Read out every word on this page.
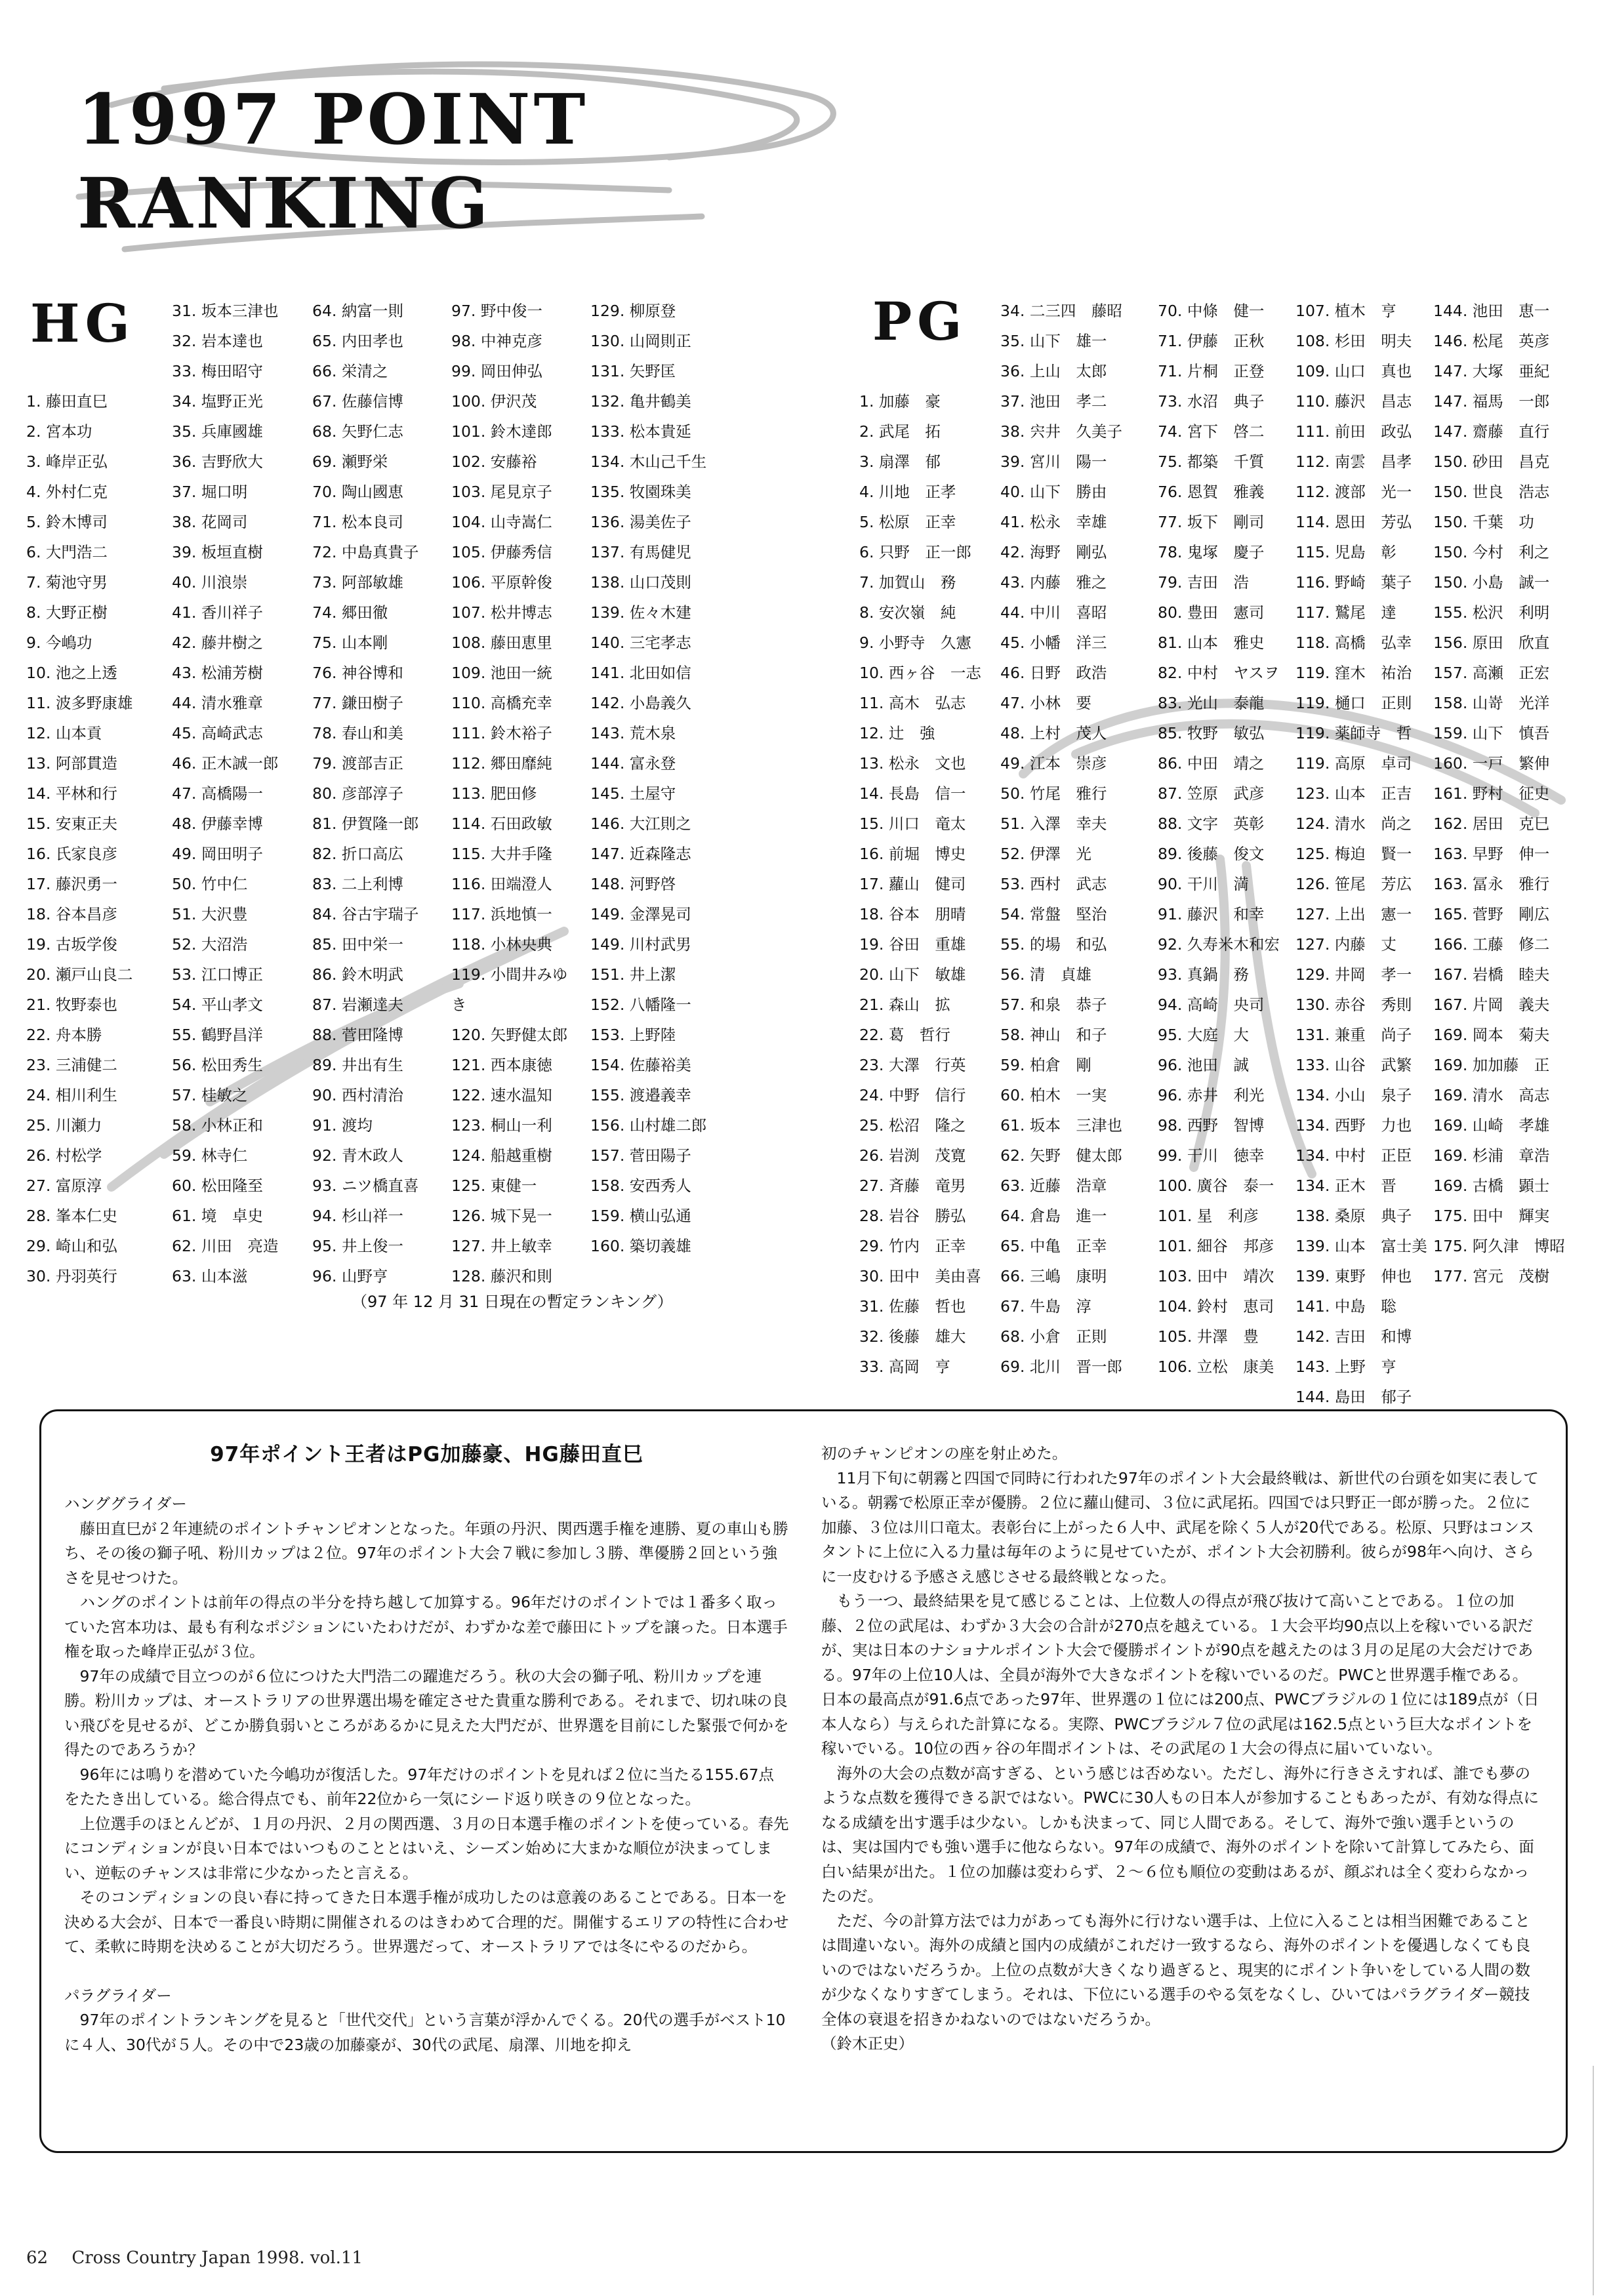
1997 POINT
RANKING
HG	PG
1. 藤田直巳
2. 宮本功
3. 峰岸正弘
4. 外村仁克
5. 鈴木博司
6. 大門浩二
7. 菊池守男
8. 大野正樹
9. 今嶋功
10. 池之上透
11. 波多野康雄
12. 山本貢
13. 阿部貫造
14. 平林和行
15. 安東正夫
16. 氏家良彦
17. 藤沢勇一
18. 谷本昌彦
19. 古坂学俊
20. 瀬戸山良二
21. 牧野泰也
22. 舟本勝
23. 三浦健二
24. 相川利生
25. 川瀬力
26. 村松学
27. 富原淳
28. 峯本仁史
29. 崎山和弘
30. 丹羽英行
31. 坂本三津也
32. 岩本達也
33. 梅田昭守
34. 塩野正光
35. 兵庫國雄
36. 吉野欣大
37. 堀口明
38. 花岡司
39. 板垣直樹
40. 川浪崇
41. 香川祥子
42. 藤井樹之
43. 松浦芳樹
44. 清水雅章
45. 高崎武志
46. 正木誠一郎
47. 高橋陽一
48. 伊藤幸博
49. 岡田明子
50. 竹中仁
51. 大沢豊
52. 大沼浩
53. 江口博正
54. 平山孝文
55. 鶴野昌洋
56. 松田秀生
57. 桂敏之
58. 小林正和
59. 林寺仁
60. 松田隆至
61. 境　卓史
62. 川田　亮造
63. 山本滋
64. 納富一則
65. 内田孝也
66. 栄清之
67. 佐藤信博
68. 矢野仁志
69. 瀬野栄
70. 陶山國恵
71. 松本良司
72. 中島真貴子
73. 阿部敏雄
74. 郷田徹
75. 山本剛
76. 神谷博和
77. 鎌田樹子
78. 春山和美
79. 渡部吉正
80. 彦部淳子
81. 伊賀隆一郎
82. 折口高広
83. 二上利博
84. 谷古宇瑞子
85. 田中栄一
86. 鈴木明武
87. 岩瀬達夫
88. 菅田隆博
89. 井出有生
90. 西村清治
91. 渡均
92. 青木政人
93. ニツ橋直喜
94. 杉山祥一
95. 井上俊一
96. 山野亨
97. 野中俊一
98. 中神克彦
99. 岡田伸弘
100. 伊沢茂
101. 鈴木達郎
102. 安藤裕
103. 尾見京子
104. 山寺嵩仁
105. 伊藤秀信
106. 平原幹俊
107. 松井博志
108. 藤田恵里
109. 池田一統
110. 高橋充幸
111. 鈴木裕子
112. 郷田靡純
113. 肥田修
114. 石田政敏
115. 大井手隆
116. 田端澄人
117. 浜地慎一
118. 小林央典
119. 小間井みゆ
き
120. 矢野健太郎
121. 西本康徳
122. 速水温知
123. 桐山一利
124. 船越重樹
125. 東健一
126. 城下晃一
127. 井上敏幸
128. 藤沢和則
129. 柳原登
130. 山岡則正
131. 矢野匡
132. 亀井鶴美
133. 松本貴延
134. 木山己千生
135. 牧園珠美
136. 湯美佐子
137. 有馬健児
138. 山口茂則
139. 佐々木建
140. 三宅孝志
141. 北田如信
142. 小島義久
143. 荒木泉
144. 富永登
145. 土屋守
146. 大江則之
147. 近森隆志
148. 河野啓
149. 金澤晃司
149. 川村武男
151. 井上潔
152. 八幡隆一
153. 上野陸
154. 佐藤裕美
155. 渡邉義幸
156. 山村雄二郎
157. 菅田陽子
158. 安西秀人
159. 横山弘通
160. 築切義雄
1. 加藤　豪
2. 武尾　拓
3. 扇澤　郁
4. 川地　正孝
5. 松原　正幸
6. 只野　正一郎
7. 加賀山　務
8. 安次嶺　純
9. 小野寺　久憲
10. 西ヶ谷　一志
11. 高木　弘志
12. 辻　強
13. 松永　文也
14. 長島　信一
15. 川口　竜太
16. 前堀　博史
17. 蘿山　健司
18. 谷本　朋晴
19. 谷田　重雄
20. 山下　敏雄
21. 森山　拡
22. 葛　哲行
23. 大澤　行英
24. 中野　信行
25. 松沼　隆之
26. 岩渕　茂寛
27. 斉藤　竜男
28. 岩谷　勝弘
29. 竹内　正幸
30. 田中　美由喜
31. 佐藤　哲也
32. 後藤　雄大
33. 高岡　亨
34. 二三四　藤昭
35. 山下　雄一
36. 上山　太郎
37. 池田　孝二
38. 宍井　久美子
39. 宮川　陽一
40. 山下　勝由
41. 松永　幸雄
42. 海野　剛弘
43. 内藤　雅之
44. 中川　喜昭
45. 小幡　洋三
46. 日野　政浩
47. 小林　要
48. 上村　茂人
49. 江本　崇彦
50. 竹尾　雅行
51. 入澤　幸夫
52. 伊澤　光
53. 西村　武志
54. 常盤　堅治
55. 的場　和弘
56. 清　貞雄
57. 和泉　恭子
58. 神山　和子
59. 柏倉　剛
60. 柏木　一実
61. 坂本　三津也
62. 矢野　健太郎
63. 近藤　浩章
64. 倉島　進一
65. 中亀　正幸
66. 三嶋　康明
67. 牛島　淳
68. 小倉　正則
69. 北川　晋一郎
70. 中條　健一
71. 伊藤　正秋
71. 片桐　正登
73. 水沼　典子
74. 宮下　啓二
75. 都築　千質
76. 恩賀　雅義
77. 坂下　剛司
78. 鬼塚　慶子
79. 吉田　浩
80. 豊田　憲司
81. 山本　雅史
82. 中村　ヤスヲ
83. 光山　泰龍
85. 牧野　敏弘
86. 中田　靖之
87. 笠原　武彦
88. 文字　英彰
89. 後藤　俊文
90. 干川　満
91. 藤沢　和幸
92. 久寿米木和宏
93. 真鍋　務
94. 高崎　央司
95. 大庭　大
96. 池田　誠
96. 赤井　利光
98. 西野　智博
99. 干川　徳幸
100. 廣谷　泰一
101. 星　利彦
101. 細谷　邦彦
103. 田中　靖次
104. 鈴村　恵司
105. 井澤　豊
106. 立松　康美
107. 植木　亨
108. 杉田　明夫
109. 山口　真也
110. 藤沢　昌志
111. 前田　政弘
112. 南雲　昌孝
112. 渡部　光一
114. 恩田　芳弘
115. 児島　彰
116. 野崎　葉子
117. 鷲尾　達
118. 高橋　弘幸
119. 窪木　祐治
119. 樋口　正則
119. 薬師寺　哲
119. 高原　卓司
123. 山本　正吉
124. 清水　尚之
125. 梅迫　賢一
126. 笹尾　芳広
127. 上出　憲一
127. 内藤　丈
129. 井岡　孝一
130. 赤谷　秀則
131. 兼重　尚子
133. 山谷　武繁
134. 小山　泉子
134. 西野　力也
134. 中村　正臣
134. 正木　晋
138. 桑原　典子
139. 山本　富士美
139. 東野　伸也
141. 中島　聡
142. 吉田　和博
143. 上野　亨
144. 島田　郁子
144. 池田　恵一
146. 松尾　英彦
147. 大塚　亜紀
147. 福馬　一郎
147. 齋藤　直行
150. 砂田　昌克
150. 世良　浩志
150. 千葉　功
150. 今村　利之
150. 小島　誠一
155. 松沢　利明
156. 原田　欣直
157. 高瀬　正宏
158. 山嵜　光洋
159. 山下　慎吾
160. 一戸　繁伸
161. 野村　征史
162. 居田　克巳
163. 早野　伸一
163. 冨永　雅行
165. 菅野　剛広
166. 工藤　修二
167. 岩橋　睦夫
167. 片岡　義夫
169. 岡本　菊夫
169. 加加藤　正
169. 清水　高志
169. 山崎　孝雄
169. 杉浦　章浩
169. 古橋　顕士
175. 田中　輝実
175. 阿久津　博昭
177. 宮元　茂樹
（97 年 12 月 31 日現在の暫定ランキング）
97年ポイント王者はPG加藤豪、HG藤田直巳

ハンググライダー

藤田直巳が２年連続のポイントチャンピオンとなった。年頭の丹沢、関西選手権を連勝、夏の車山も勝ち、その後の獅子吼、粉川カップは２位。97年のポイント大会７戦に参加し３勝、準優勝２回という強さを見せつけた。

ハングのポイントは前年の得点の半分を持ち越して加算する。96年だけのポイントでは１番多く取っていた宮本功は、最も有利なポジションにいたわけだが、わずかな差で藤田にトップを譲った。日本選手権を取った峰岸正弘が３位。

97年の成績で目立つのが６位につけた大門浩二の躍進だろう。秋の大会の獅子吼、粉川カップを連勝。粉川カップは、オーストラリアの世界選出場を確定させた貴重な勝利である。それまで、切れ味の良い飛びを見せるが、どこか勝負弱いところがあるかに見えた大門だが、世界選を目前にした緊張で何かを得たのであろうか？

96年には鳴りを潜めていた今嶋功が復活した。97年だけのポイントを見れば２位に当たる155.67点をたたき出している。総合得点でも、前年22位から一気にシード返り咲きの９位となった。

上位選手のほとんどが、１月の丹沢、２月の関西選、３月の日本選手権のポイントを使っている。春先にコンディションが良い日本ではいつものこととはいえ、シーズン始めに大まかな順位が決まってしまい、逆転のチャンスは非常に少なかったと言える。

そのコンディションの良い春に持ってきた日本選手権が成功したのは意義のあることである。日本一を決める大会が、日本で一番良い時期に開催されるのはきわめて合理的だ。開催するエリアの特性に合わせて、柔軟に時期を決めることが大切だろう。世界選だって、オーストラリアでは冬にやるのだから。

パラグライダー

97年のポイントランキングを見ると「世代交代」という言葉が浮かんでくる。20代の選手がベスト10に４人、30代が５人。その中で23歳の加藤豪が、30代の武尾、扇澤、川地を抑え

初のチャンピオンの座を射止めた。

11月下旬に朝霧と四国で同時に行われた97年のポイント大会最終戦は、新世代の台頭を如実に表している。朝霧で松原正幸が優勝。２位に蘿山健司、３位に武尾拓。四国では只野正一郎が勝った。２位に加藤、３位は川口竜太。表彰台に上がった６人中、武尾を除く５人が20代である。松原、只野はコンスタントに上位に入る力量は毎年のように見せていたが、ポイント大会初勝利。彼らが98年へ向け、さらに一皮むける予感さえ感じさせる最終戦となった。

もう一つ、最終結果を見て感じることは、上位数人の得点が飛び抜けて高いことである。１位の加藤、２位の武尾は、わずか３大会の合計が270点を越えている。１大会平均90点以上を稼いでいる訳だが、実は日本のナショナルポイント大会で優勝ポイントが90点を越えたのは３月の足尾の大会だけである。97年の上位10人は、全員が海外で大きなポイントを稼いでいるのだ。PWCと世界選手権である。日本の最高点が91.6点であった97年、世界選の１位には200点、PWCブラジルの１位には189点が（日本人なら）与えられた計算になる。実際、PWCブラジル７位の武尾は162.5点という巨大なポイントを稼いでいる。10位の西ヶ谷の年間ポイントは、その武尾の１大会の得点に届いていない。

海外の大会の点数が高すぎる、という感じは否めない。ただし、海外に行きさえすれば、誰でも夢のような点数を獲得できる訳ではない。PWCに30人もの日本人が参加することもあったが、有効な得点になる成績を出す選手は少ない。しかも決まって、同じ人間である。そして、海外で強い選手というのは、実は国内でも強い選手に他ならない。97年の成績で、海外のポイントを除いて計算してみたら、面白い結果が出た。１位の加藤は変わらず、２〜６位も順位の変動はあるが、顔ぶれは全く変わらなかったのだ。

ただ、今の計算方法では力があっても海外に行けない選手は、上位に入ることは相当困難であることは間違いない。海外の成績と国内の成績がこれだけ一致するなら、海外のポイントを優遇しなくても良いのではないだろうか。上位の点数が大きくなり過ぎると、現実的にポイント争いをしている人間の数が少なくなりすぎてしまう。それは、下位にいる選手のやる気をなくし、ひいてはパラグライダー競技全体の衰退を招きかねないのではないだろうか。

（鈴木正史）

62 Cross Country Japan 1998. vol.11
